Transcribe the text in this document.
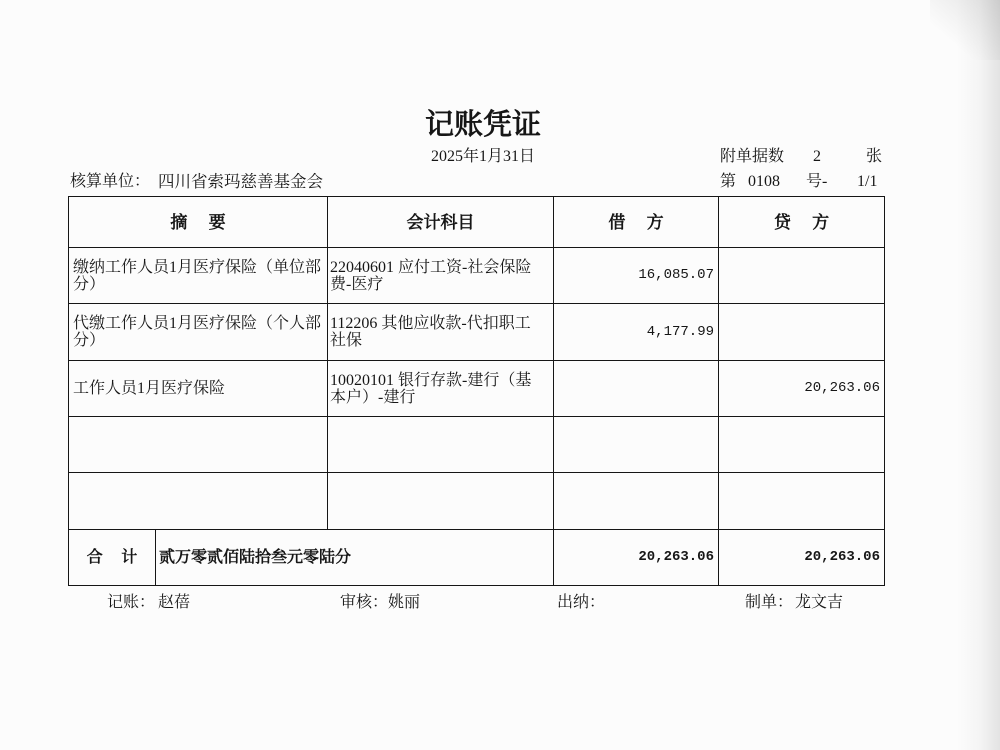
记账凭证
2025年1月31日	附单据数 2	张
核算单位： 四川省索玛慈善基金会	第 0108 号- 1/1
摘 要		会计科目	借 方	贷 方
缴纳工作人员1月医疗保险（单位部
分）		22040601 应付工资-社会保险
费-医疗	16,085.07	
代缴工作人员1月医疗保险（个人部
分）		112206 其他应收款-代扣职工
社保	4,177.99	
工作人员1月医疗保险		10020101 银行存款-建行（基
本户）-建行		20,263.06

合 计	贰万零贰佰陆拾叁元零陆分		20,263.06	20,263.06
记账： 赵蓓	审核： 姚丽	出纳：	制单： 龙文吉
